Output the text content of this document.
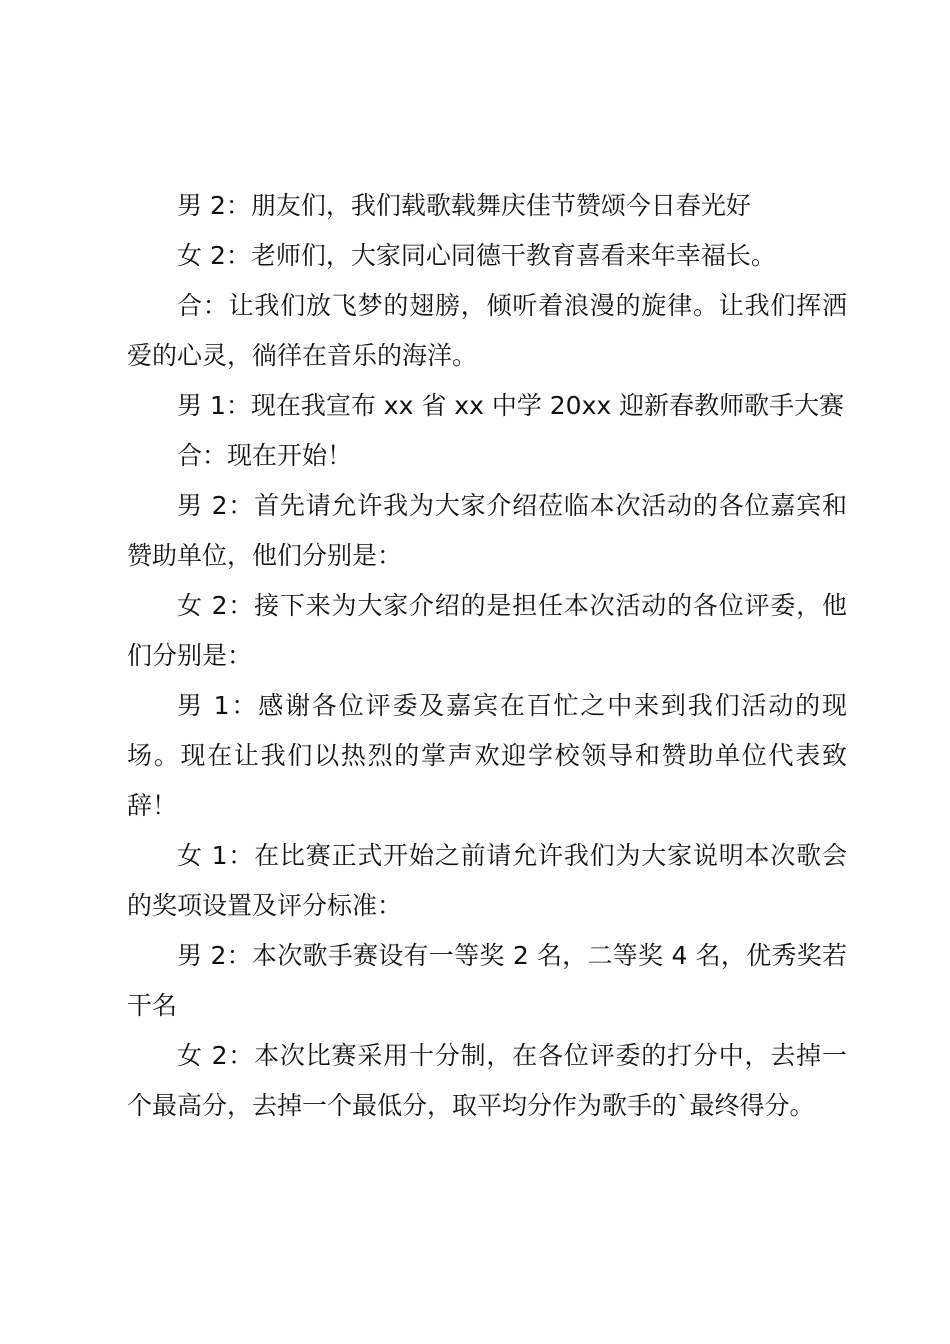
男 2：朋友们，我们载歌载舞庆佳节赞颂今日春光好

女 2：老师们，大家同心同德干教育喜看来年幸福长。

合：让我们放飞梦的翅膀，倾听着浪漫的旋律。让我们挥洒爱的心灵，徜徉在音乐的海洋。

男 1：现在我宣布 xx 省 xx 中学 20xx 迎新春教师歌手大赛

合：现在开始！

男 2：首先请允许我为大家介绍莅临本次活动的各位嘉宾和赞助单位，他们分别是：

女 2：接下来为大家介绍的是担任本次活动的各位评委，他们分别是：

男 1：感谢各位评委及嘉宾在百忙之中来到我们活动的现场。现在让我们以热烈的掌声欢迎学校领导和赞助单位代表致辞！

女 1：在比赛正式开始之前请允许我们为大家说明本次歌会的奖项设置及评分标准：

男 2：本次歌手赛设有一等奖 2 名，二等奖 4 名，优秀奖若干名

女 2：本次比赛采用十分制，在各位评委的打分中，去掉一个最高分，去掉一个最低分，取平均分作为歌手的`最终得分。
